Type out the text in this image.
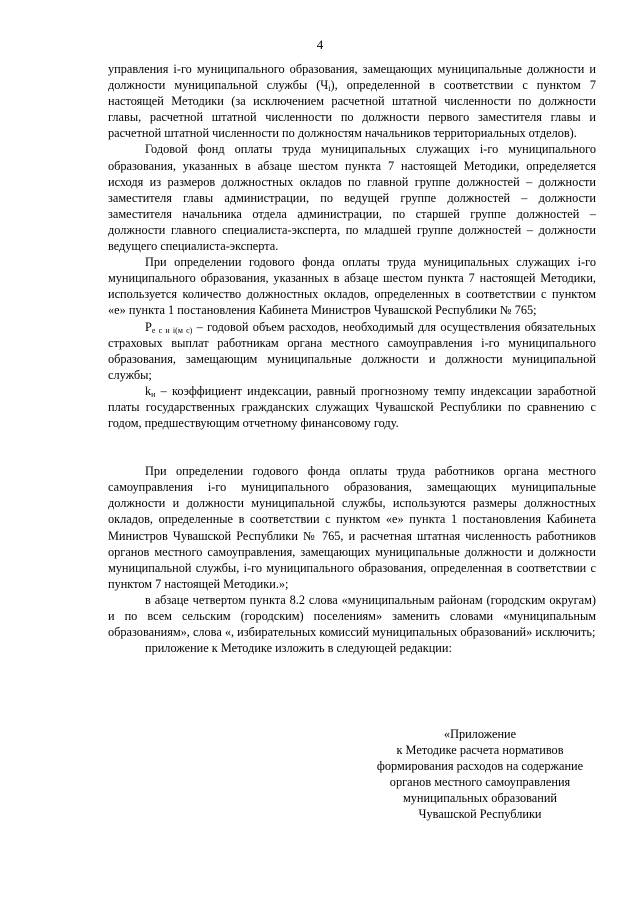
4

управления i-го муниципального образования, замещающих муниципальные должности и должности муниципальной службы $(Ч_i)$, определенной в соответствии с пунктом 7 настоящей Методики (за исключением расчетной штатной численности по должности главы, расчетной штатной численности по должности первого заместителя главы и расчетной штатной численности по должностям начальников территориальных отделов).

Годовой фонд оплаты труда муниципальных служащих i-го муниципального образования, указанных в абзаце шестом пункта 7 настоящей Методики, определяется исходя из размеров должностных окладов по главной группе должностей – должности заместителя главы администрации, по ведущей группе должностей – должности заместителя начальника отдела администрации, по старшей группе должностей – должности главного специалиста-эксперта, по младшей группе должностей – должности ведущего специалиста-эксперта.

При определении годового фонда оплаты труда муниципальных служащих i-го муниципального образования, указанных в абзаце шестом пункта 7 настоящей Методики, используется количество должностных окладов, определенных в соответствии с пунктом «е» пункта 1 постановления Кабинета Министров Чувашской Республики № 765;

$Р_{е с н i(м с)}$ – годовой объем расходов, необходимый для осуществления обязательных страховых выплат работникам органа местного самоуправления i-го муниципального образования, замещающим муниципальные должности и должности муниципальной службы;

$k_и$ – коэффициент индексации, равный прогнозному темпу индексации заработной платы государственных гражданских служащих Чувашской Республики по сравнению с годом, предшествующим отчетному финансовому году.

При определении годового фонда оплаты труда работников органа местного самоуправления i-го муниципального образования, замещающих муниципальные должности и должности муниципальной службы, используются размеры должностных окладов, определенные в соответствии с пунктом «е» пункта 1 постановления Кабинета Министров Чувашской Республики № 765, и расчетная штатная численность работников органов местного самоуправления, замещающих муниципальные должности и должности муниципальной службы, i-го муниципального образования, определенная в соответствии с пунктом 7 настоящей Методики.»;

в абзаце четвертом пункта 8.2 слова «муниципальным районам (городским округам) и по всем сельским (городским) поселениям» заменить словами «муниципальным образованиям», слова «, избирательных комиссий муниципальных образований» исключить;

приложение к Методике изложить в следующей редакции:

«Приложение
к Методике расчета нормативов
формирования расходов на содержание
органов местного самоуправления
муниципальных образований
Чувашской Республики
